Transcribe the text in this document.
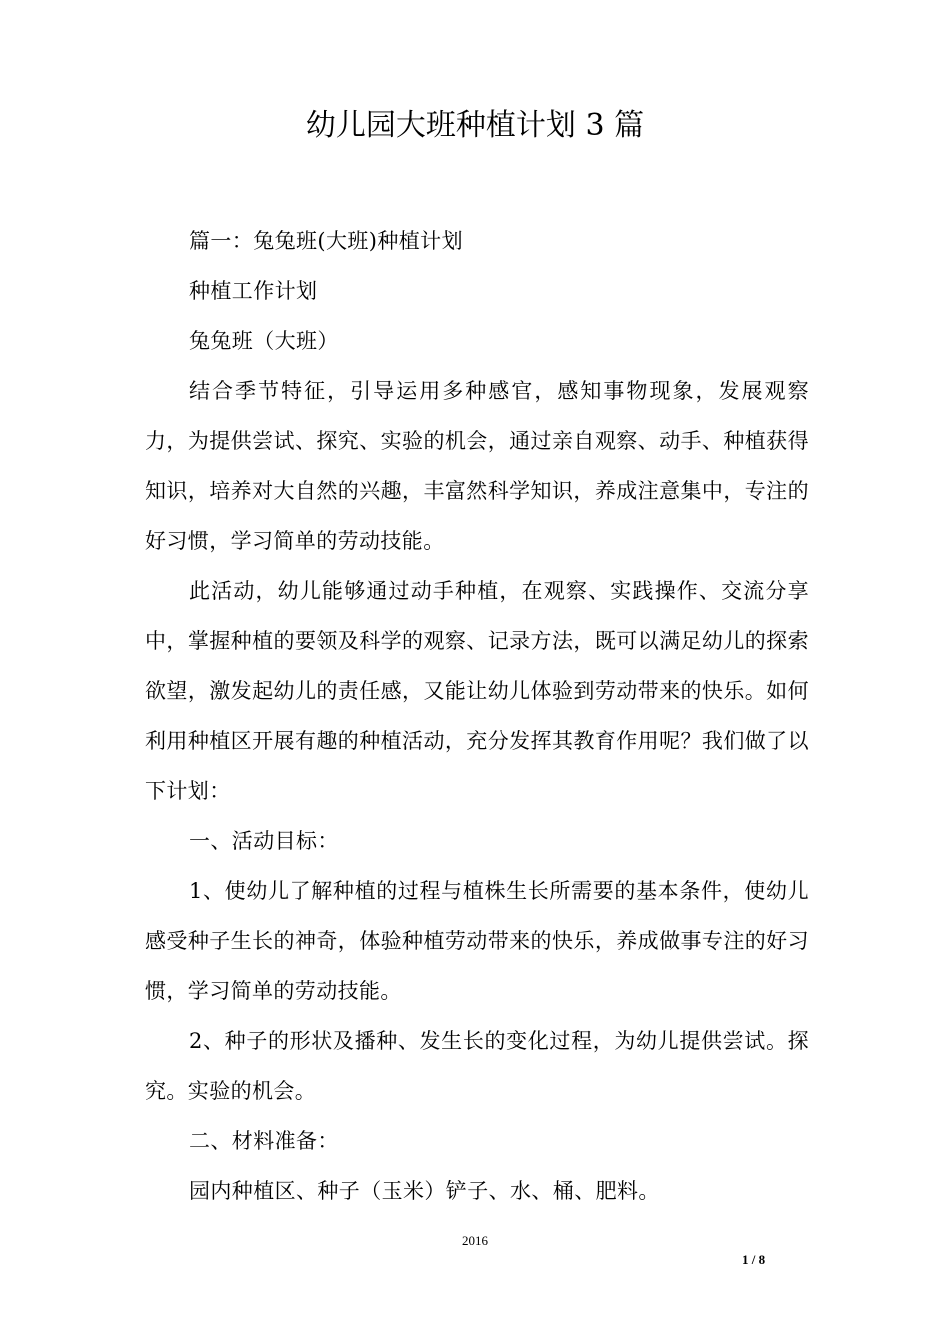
幼儿园大班种植计划 3 篇

篇一：兔兔班(大班)种植计划

种植工作计划

兔兔班（大班）

结合季节特征，引导运用多种感官，感知事物现象，发展观察力，为提供尝试、探究、实验的机会，通过亲自观察、动手、种植获得知识，培养对大自然的兴趣，丰富然科学知识，养成注意集中，专注的好习惯，学习简单的劳动技能。

此活动，幼儿能够通过动手种植，在观察、实践操作、交流分享中，掌握种植的要领及科学的观察、记录方法，既可以满足幼儿的探索欲望，激发起幼儿的责任感，又能让幼儿体验到劳动带来的快乐。如何利用种植区开展有趣的种植活动，充分发挥其教育作用呢？我们做了以下计划：

一、活动目标：

1、使幼儿了解种植的过程与植株生长所需要的基本条件，使幼儿感受种子生长的神奇，体验种植劳动带来的快乐，养成做事专注的好习惯，学习简单的劳动技能。

2、种子的形状及播种、发生长的变化过程，为幼儿提供尝试。探究。实验的机会。

二、材料准备：

园内种植区、种子（玉米）铲子、水、桶、肥料。

2016
1 / 8
